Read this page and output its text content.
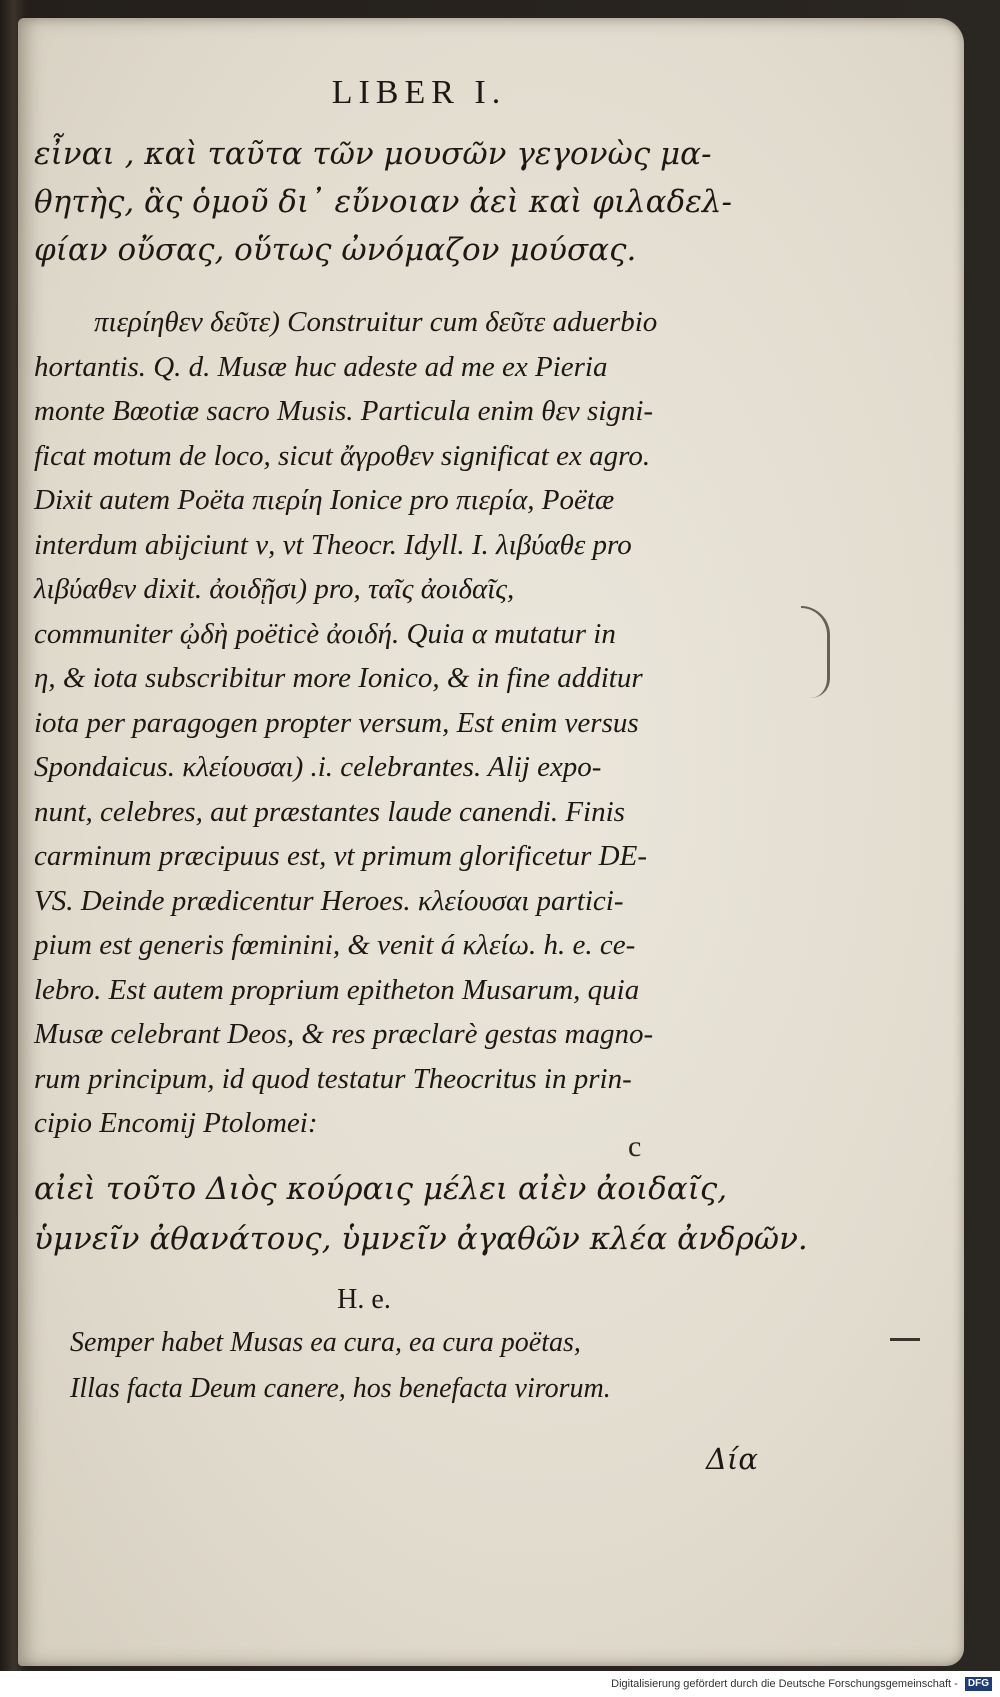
LIBER I.
εἶναι , καὶ ταῦτα τῶν μουσῶν γεγονὼς μα-
θητὴς, ἃς ὁμοῦ δι᾽ εὔνοιαν ἀεὶ καὶ φιλαδελ-
φίαν οὔσας, οὕτως ὠνόμαζον μούσας.
πιερίηθεν δεῦτε) Construitur cum δεῦτε aduerbio
hortantis. Q. d. Musæ huc adeste ad me ex Pieria
monte Bœotiæ sacro Musis. Particula enim θεν signi-
ficat motum de loco, sicut ἄγροθεν significat ex agro.
Dixit autem Poëta πιερίη Ionice pro πιερία, Poëtæ
interdum abijciunt ν, vt Theocr. Idyll. I. λιβύαθε pro
λιβύαθεν dixit. ἀοιδῇσι) pro, ταῖς ἀοιδαῖς,
communiter ᾠδὴ poëticè ἀοιδή. Quia α mutatur in
η, & iota subscribitur more Ionico, & in fine additur
iota per paragogen propter versum, Est enim versus
Spondaicus. κλείουσαι) .i. celebrantes. Alij expo-
nunt, celebres, aut præstantes laude canendi. Finis
carminum præcipuus est, vt primum glorificetur DE-
VS. Deinde prædicentur Heroes. κλείουσαι partici-
pium est generis fœminini, & venit á κλείω. h. e. ce-
lebro. Est autem proprium epitheton Musarum, quia
Musæ celebrant Deos, & res præclarè gestas magno-
rum principum, id quod testatur Theocritus in prin-
cipio Encomij Ptolomei:
αἰεὶ τοῦτο Διὸς κούραις μέλει αἰὲν ἀοιδαῖς,
ὑμνεῖν ἀθανάτους, ὑμνεῖν ἀγαθῶν κλέα ἀνδρῶν.
H. e.
Semper habet Musas ea cura, ea cura poëtas,
Illas facta Deum canere, hos benefacta virorum.
c
Δία
Digitalisierung gefördert durch die Deutsche Forschungsgemeinschaft - DFG
